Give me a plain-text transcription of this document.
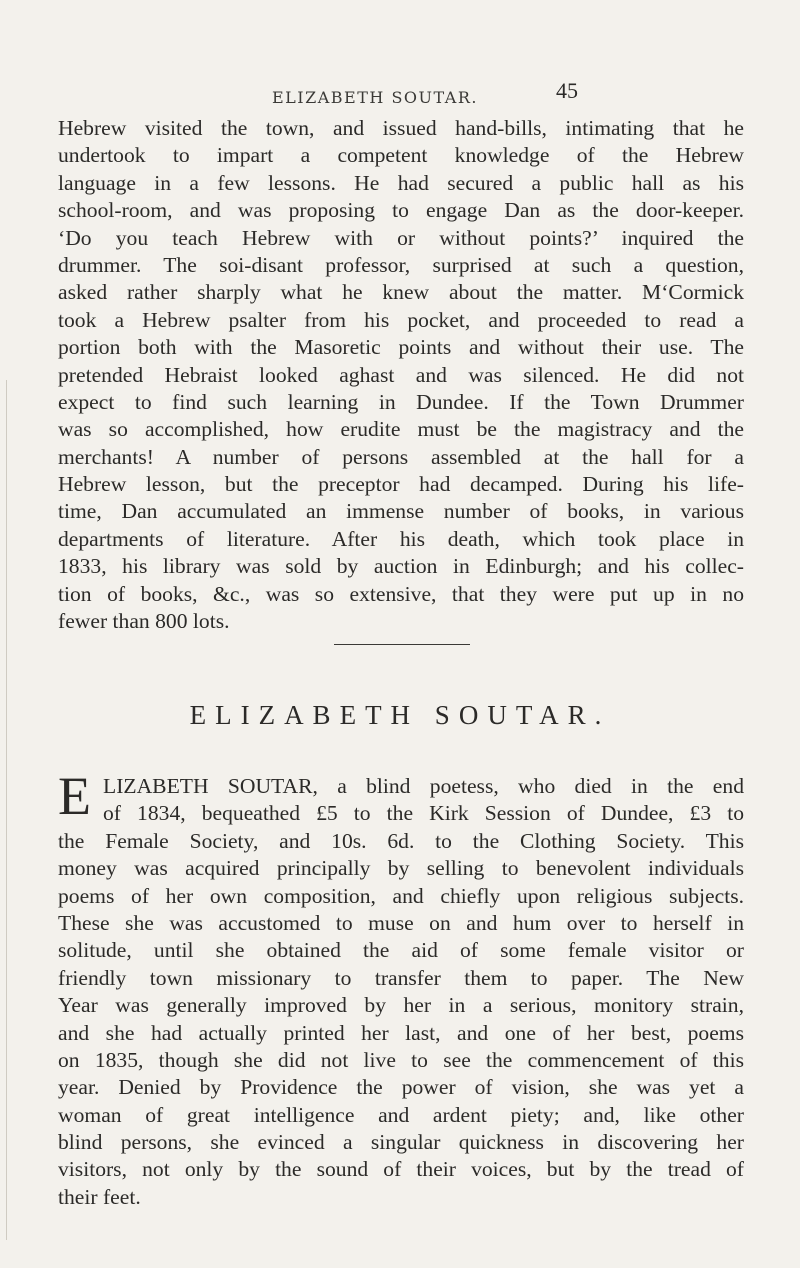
ELIZABETH SOUTAR.	45
Hebrew visited the town, and issued hand-bills, intimating that he
undertook to impart a competent knowledge of the Hebrew
language in a few lessons. He had secured a public hall as his
school-room, and was proposing to engage Dan as the door-keeper.
‘Do you teach Hebrew with or without points?’ inquired the
drummer. The soi-disant professor, surprised at such a question,
asked rather sharply what he knew about the matter. M‘Cormick
took a Hebrew psalter from his pocket, and proceeded to read a
portion both with the Masoretic points and without their use. The
pretended Hebraist looked aghast and was silenced. He did not
expect to find such learning in Dundee. If the Town Drummer
was so accomplished, how erudite must be the magistracy and the
merchants! A number of persons assembled at the hall for a
Hebrew lesson, but the preceptor had decamped. During his life-
time, Dan accumulated an immense number of books, in various
departments of literature. After his death, which took place in
1833, his library was sold by auction in Edinburgh; and his collec-
tion of books, &c., was so extensive, that they were put up in no
fewer than 800 lots.
ELIZABETH SOUTAR.
E LIZABETH SOUTAR, a blind poetess, who died in the end
of 1834, bequeathed £5 to the Kirk Session of Dundee, £3 to
the Female Society, and 10s. 6d. to the Clothing Society. This
money was acquired principally by selling to benevolent individuals
poems of her own composition, and chiefly upon religious subjects.
These she was accustomed to muse on and hum over to herself in
solitude, until she obtained the aid of some female visitor or
friendly town missionary to transfer them to paper. The New
Year was generally improved by her in a serious, monitory strain,
and she had actually printed her last, and one of her best, poems
on 1835, though she did not live to see the commencement of this
year. Denied by Providence the power of vision, she was yet a
woman of great intelligence and ardent piety; and, like other
blind persons, she evinced a singular quickness in discovering her
visitors, not only by the sound of their voices, but by the tread of
their feet.
